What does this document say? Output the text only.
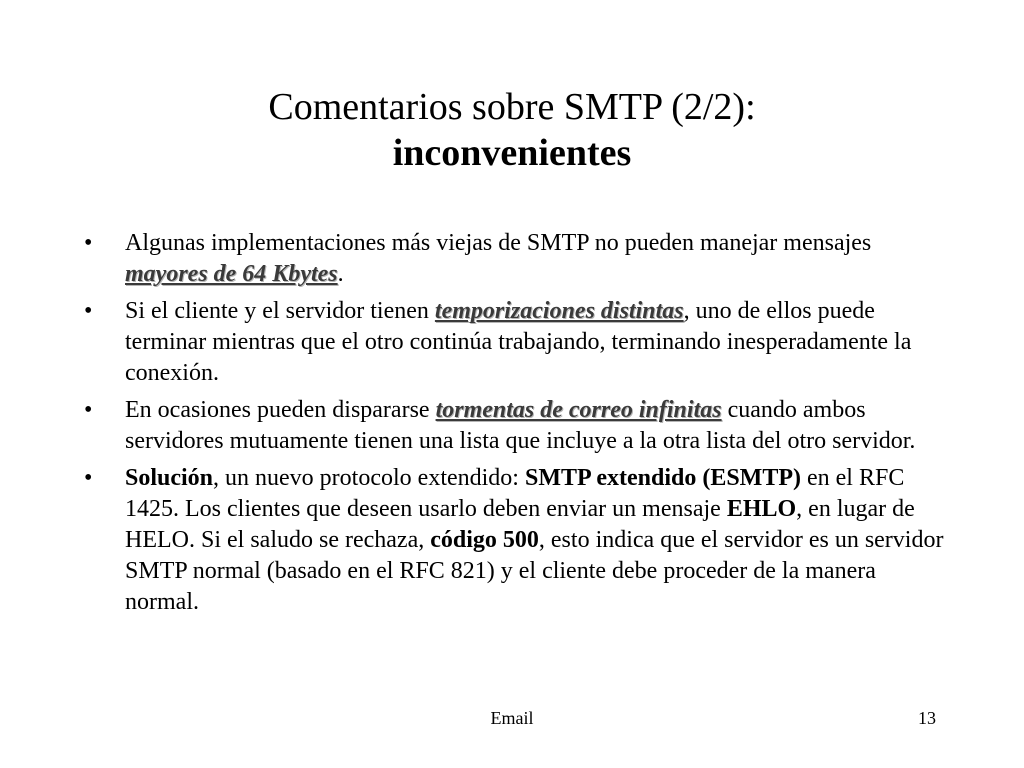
Comentarios sobre SMTP (2/2):
inconvenientes
• Algunas implementaciones más viejas de SMTP no pueden manejar mensajes mayores de 64 Kbytes.
• Si el cliente y el servidor tienen temporizaciones distintas, uno de ellos puede terminar mientras que el otro continúa trabajando, terminando inesperadamente la conexión.
• En ocasiones pueden dispararse tormentas de correo infinitas cuando ambos servidores mutuamente tienen una lista que incluye a la otra lista del otro servidor.
• Solución, un nuevo protocolo extendido: SMTP extendido (ESMTP) en el RFC 1425. Los clientes que deseen usarlo deben enviar un mensaje EHLO, en lugar de HELO. Si el saludo se rechaza, código 500, esto indica que el servidor es un servidor SMTP normal (basado en el RFC 821) y el cliente debe proceder de la manera normal.
Email	13
